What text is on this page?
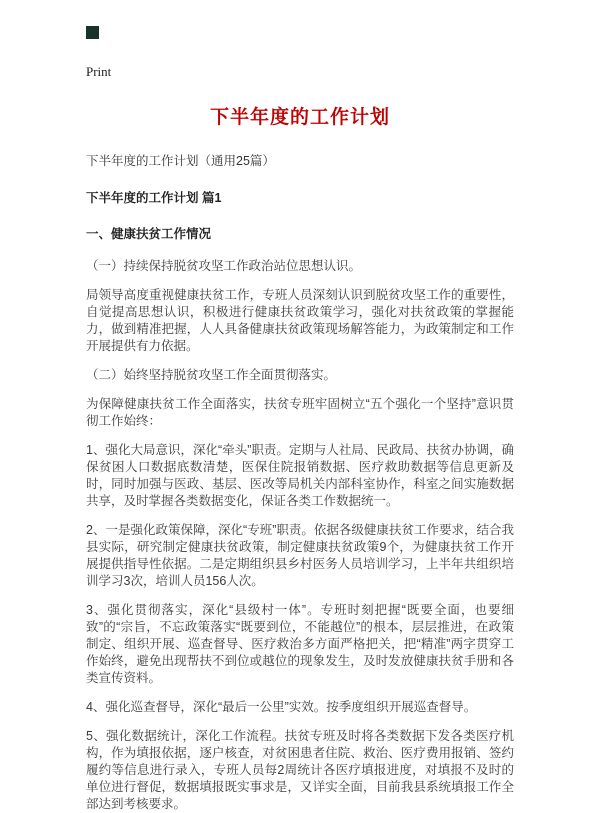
Print
下半年度的工作计划
下半年度的工作计划（通用25篇）
下半年度的工作计划 篇1
一、健康扶贫工作情况

（一）持续保持脱贫攻坚工作政治站位思想认识。

局领导高度重视健康扶贫工作，专班人员深刻认识到脱贫攻坚工作的重要性，自觉提高思想认识，积极进行健康扶贫政策学习，强化对扶贫政策的掌握能力，做到精准把握，人人具备健康扶贫政策现场解答能力，为政策制定和工作开展提供有力依据。

（二）始终坚持脱贫攻坚工作全面贯彻落实。

为保障健康扶贫工作全面落实，扶贫专班牢固树立“五个强化一个坚持”意识贯彻工作始终：

1、强化大局意识，深化“牵头”职责。定期与人社局、民政局、扶贫办协调，确保贫困人口数据底数清楚，医保住院报销数据、医疗救助数据等信息更新及时，同时加强与医政、基层、医改等局机关内部科室协作，科室之间实施数据共享，及时掌握各类数据变化，保证各类工作数据统一。

2、一是强化政策保障，深化“专班”职责。依据各级健康扶贫工作要求，结合我县实际，研究制定健康扶贫政策，制定健康扶贫政策9个，为健康扶贫工作开展提供指导性依据。二是定期组织县乡村医务人员培训学习，上半年共组织培训学习3次，培训人员156人次。

3、强化贯彻落实，深化“县级村一体”。专班时刻把握“既要全面，也要细致”的“宗旨，不忘政策落实“既要到位，不能越位”的根本，层层推进，在政策制定、组织开展、巡查督导、医疗救治多方面严格把关，把“精准”两字贯穿工作始终，避免出现帮扶不到位或越位的现象发生，及时发放健康扶贫手册和各类宣传资料。

4、强化巡查督导，深化“最后一公里”实效。按季度组织开展巡查督导。

5、强化数据统计，深化工作流程。扶贫专班及时将各类数据下发各类医疗机构，作为填报依据，逐户核查，对贫困患者住院、救治、医疗费用报销、签约履约等信息进行录入，专班人员每2周统计各医疗填报进度，对填报不及时的单位进行督促，数据填报既实事求是，又详实全面，目前我县系统填报工作全部达到考核要求。
